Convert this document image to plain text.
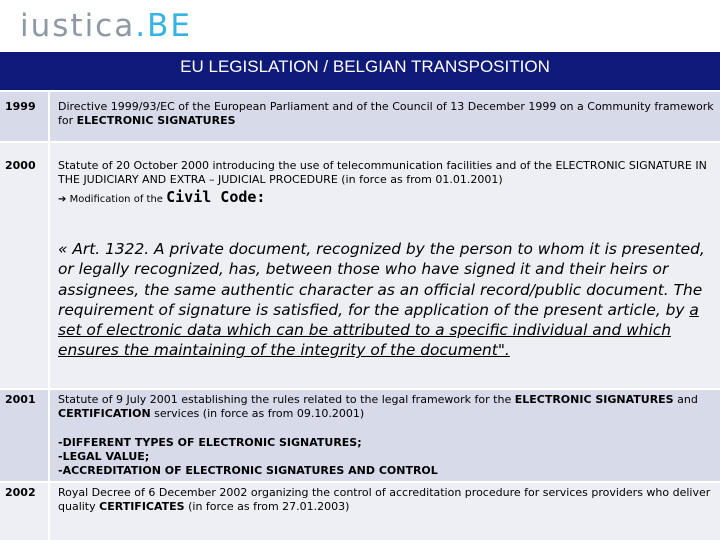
iustica.BE
EU LEGISLATION / BELGIAN TRANSPOSITION
1999 Directive 1999/93/EC of the European Parliament and of the Council of 13 December 1999 on a Community framework for ELECTRONIC SIGNATURES
2000 Statute of 20 October 2000 introducing the use of telecommunication facilities and of the ELECTRONIC SIGNATURE IN THE JUDICIARY AND EXTRA – JUDICIAL PROCEDURE (in force as from 01.01.2001)
➔ Modification of the Civil Code:
« Art. 1322. A private document, recognized by the person to whom it is presented, or legally recognized, has, between those who have signed it and their heirs or assignees, the same authentic character as an official record/public document. The requirement of signature is satisfied, for the application of the present article, by a set of electronic data which can be attributed to a specific individual and which ensures the maintaining of the integrity of the document".
2001 Statute of 9 July 2001 establishing the rules related to the legal framework for the ELECTRONIC SIGNATURES and CERTIFICATION services (in force as from 09.10.2001)
-DIFFERENT TYPES OF ELECTRONIC SIGNATURES;
-LEGAL VALUE;
-ACCREDITATION OF ELECTRONIC SIGNATURES AND CONTROL
2002 Royal Decree of 6 December 2002 organizing the control of accreditation procedure for services providers who deliver quality CERTIFICATES (in force as from 27.01.2003)
